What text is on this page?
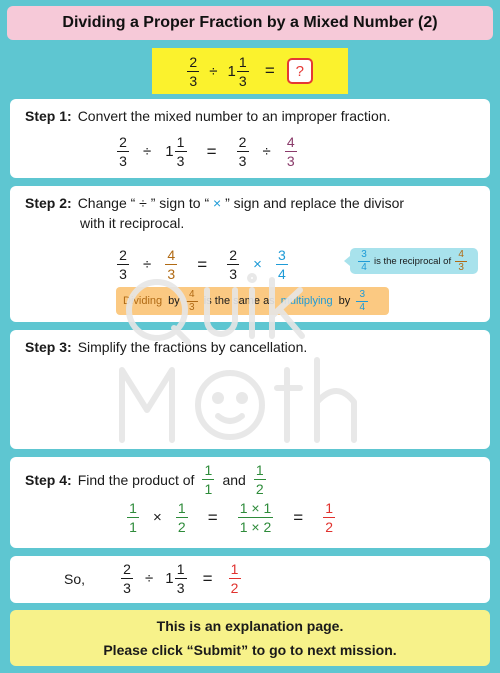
Dividing a Proper Fraction by a Mixed Number (2)
$\frac{2}{3} \div 1 \frac{1}{3}$ =	?
Step 1: Convert the mixed number to an improper fraction.
$\frac{2}{3} \div 1 \frac{1}{3} = \frac{2}{3} \div \frac{4}{3}$
Step 2: Change “ ÷ ” sign to “ × ” sign and replace the divisor
with it reciprocal.
$\frac{2}{3} \div \frac{4}{3} = \frac{2}{3} \times \frac{3}{4}$	$\frac{3}{4}$ is the reciprocal of $\frac{4}{3}$
Dividing by $\frac{4}{3}$ is the same as multiplying by $\frac{3}{4}$
Step 3: Simplify the fractions by cancellation.
Step 4: Find the product of $\frac{1}{1}$ and $\frac{1}{2}$
$\frac{1}{1} \times \frac{1}{2} = \frac{1 \times 1}{1 \times 2} = \frac{1}{2}$
So,	$\frac{2}{3} \div 1 \frac{1}{3} = \frac{1}{2}$
This is an explanation page.
Please click “Submit” to go to next mission.
